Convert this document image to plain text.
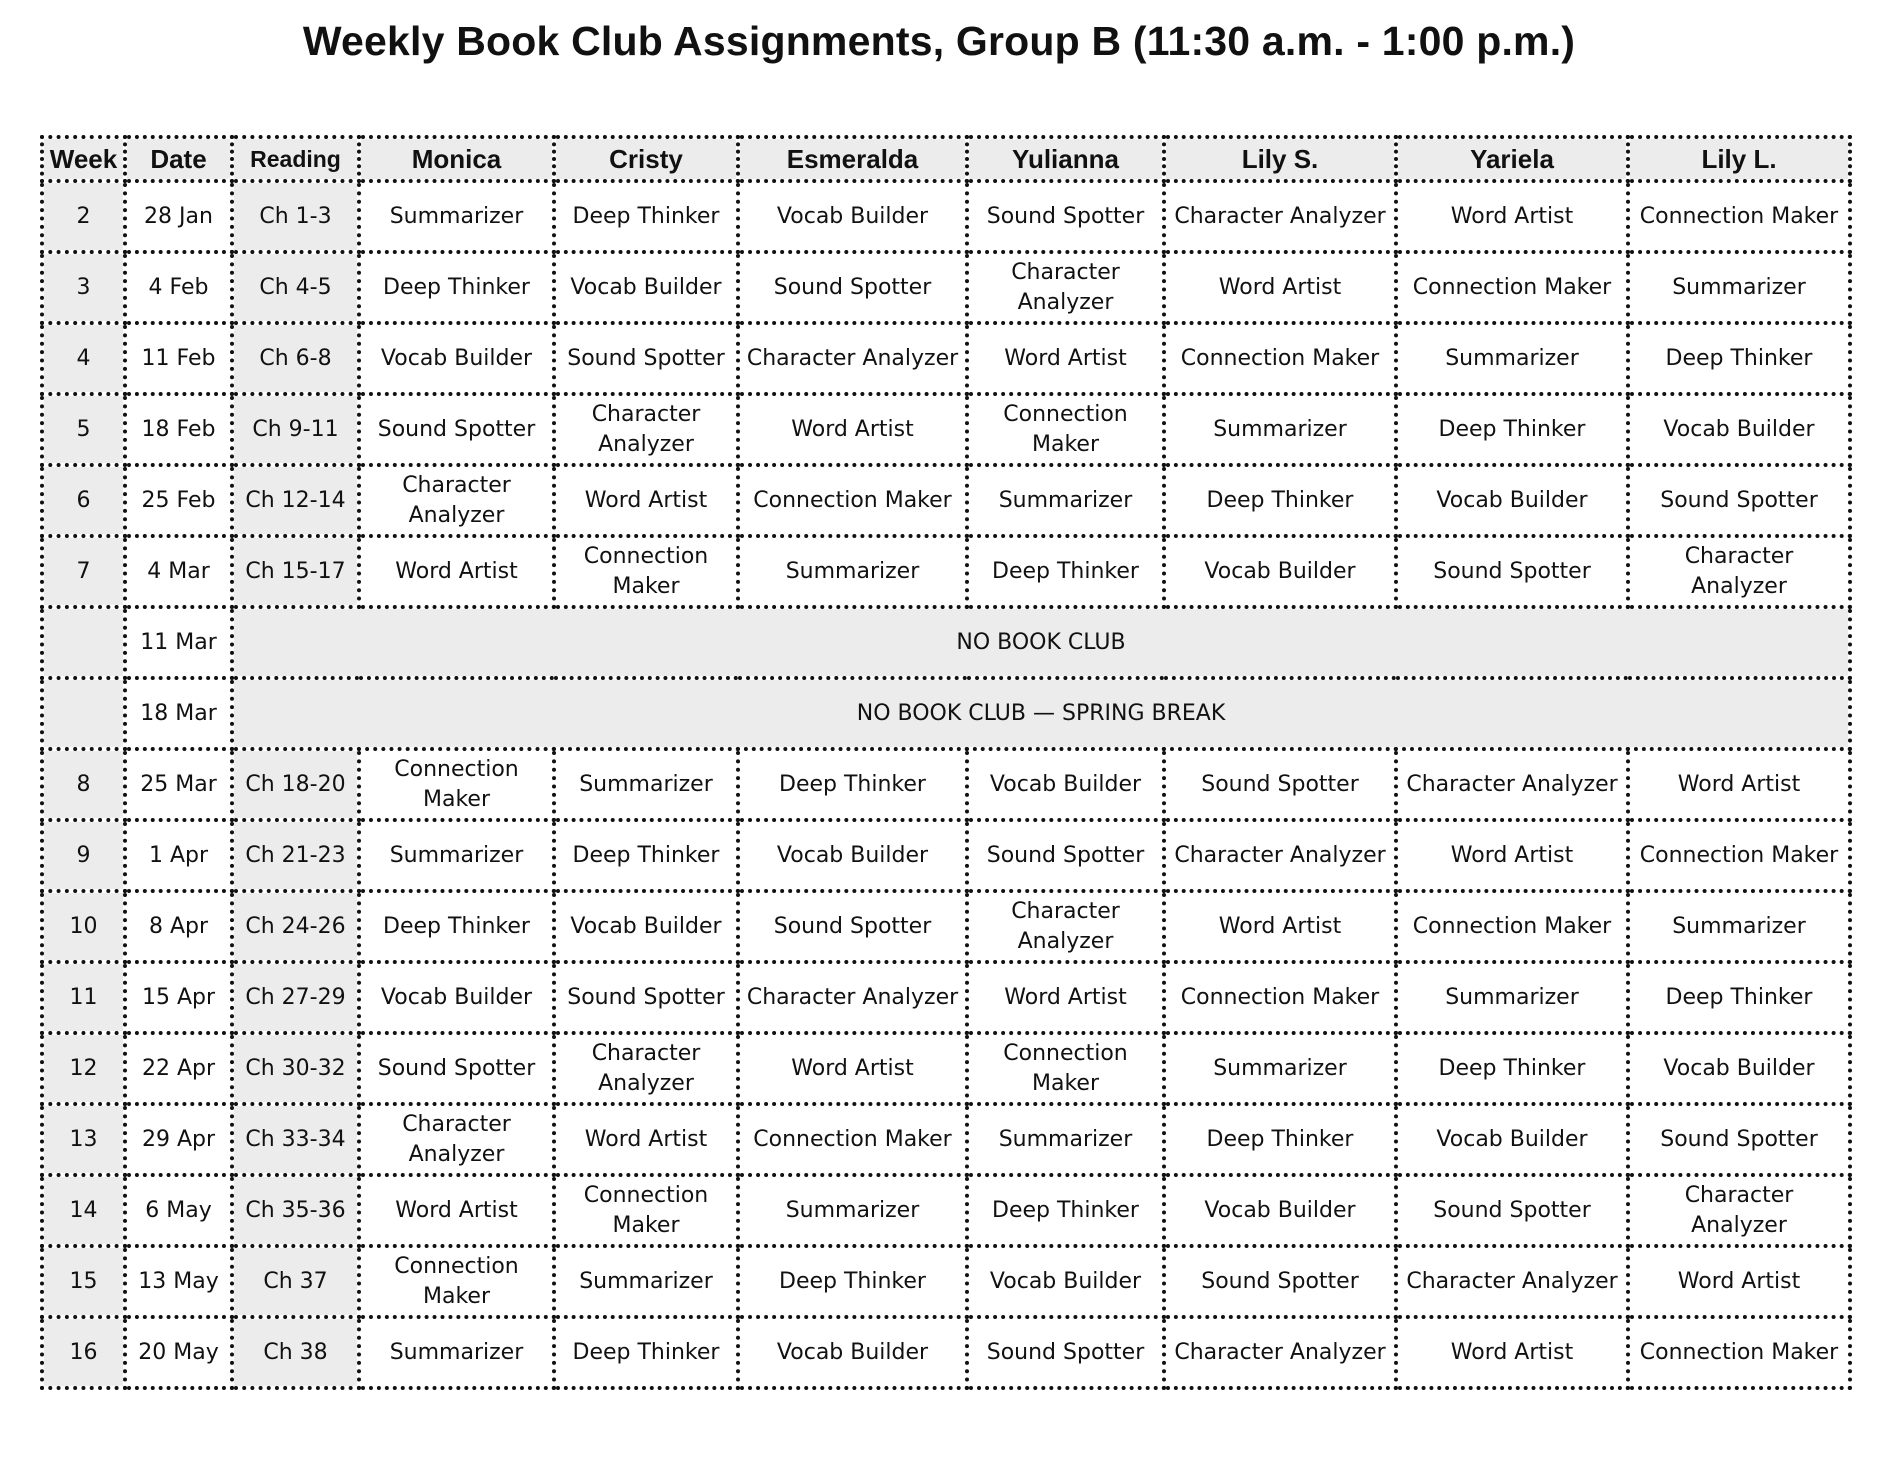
Weekly Book Club Assignments, Group B (11:30 a.m. - 1:00 p.m.)
Week	Date	Reading	Monica	Cristy	Esmeralda	Yulianna	Lily S.	Yariela	Lily L.
2	28 Jan	Ch 1-3	Summarizer	Deep Thinker	Vocab Builder	Sound Spotter	Character Analyzer	Word Artist	Connection Maker
3	4 Feb	Ch 4-5	Deep Thinker	Vocab Builder	Sound Spotter	Character Analyzer	Word Artist	Connection Maker	Summarizer
4	11 Feb	Ch 6-8	Vocab Builder	Sound Spotter	Character Analyzer	Word Artist	Connection Maker	Summarizer	Deep Thinker
5	18 Feb	Ch 9-11	Sound Spotter	Character Analyzer	Word Artist	Connection Maker	Summarizer	Deep Thinker	Vocab Builder
6	25 Feb	Ch 12-14	Character Analyzer	Word Artist	Connection Maker	Summarizer	Deep Thinker	Vocab Builder	Sound Spotter
7	4 Mar	Ch 15-17	Word Artist	Connection Maker	Summarizer	Deep Thinker	Vocab Builder	Sound Spotter	Character Analyzer
	11 Mar	NO BOOK CLUB							
	18 Mar	NO BOOK CLUB — SPRING BREAK							
8	25 Mar	Ch 18-20	Connection Maker	Summarizer	Deep Thinker	Vocab Builder	Sound Spotter	Character Analyzer	Word Artist
9	1 Apr	Ch 21-23	Summarizer	Deep Thinker	Vocab Builder	Sound Spotter	Character Analyzer	Word Artist	Connection Maker
10	8 Apr	Ch 24-26	Deep Thinker	Vocab Builder	Sound Spotter	Character Analyzer	Word Artist	Connection Maker	Summarizer
11	15 Apr	Ch 27-29	Vocab Builder	Sound Spotter	Character Analyzer	Word Artist	Connection Maker	Summarizer	Deep Thinker
12	22 Apr	Ch 30-32	Sound Spotter	Character Analyzer	Word Artist	Connection Maker	Summarizer	Deep Thinker	Vocab Builder
13	29 Apr	Ch 33-34	Character Analyzer	Word Artist	Connection Maker	Summarizer	Deep Thinker	Vocab Builder	Sound Spotter
14	6 May	Ch 35-36	Word Artist	Connection Maker	Summarizer	Deep Thinker	Vocab Builder	Sound Spotter	Character Analyzer
15	13 May	Ch 37	Connection Maker	Summarizer	Deep Thinker	Vocab Builder	Sound Spotter	Character Analyzer	Word Artist
16	20 May	Ch 38	Summarizer	Deep Thinker	Vocab Builder	Sound Spotter	Character Analyzer	Word Artist	Connection Maker
